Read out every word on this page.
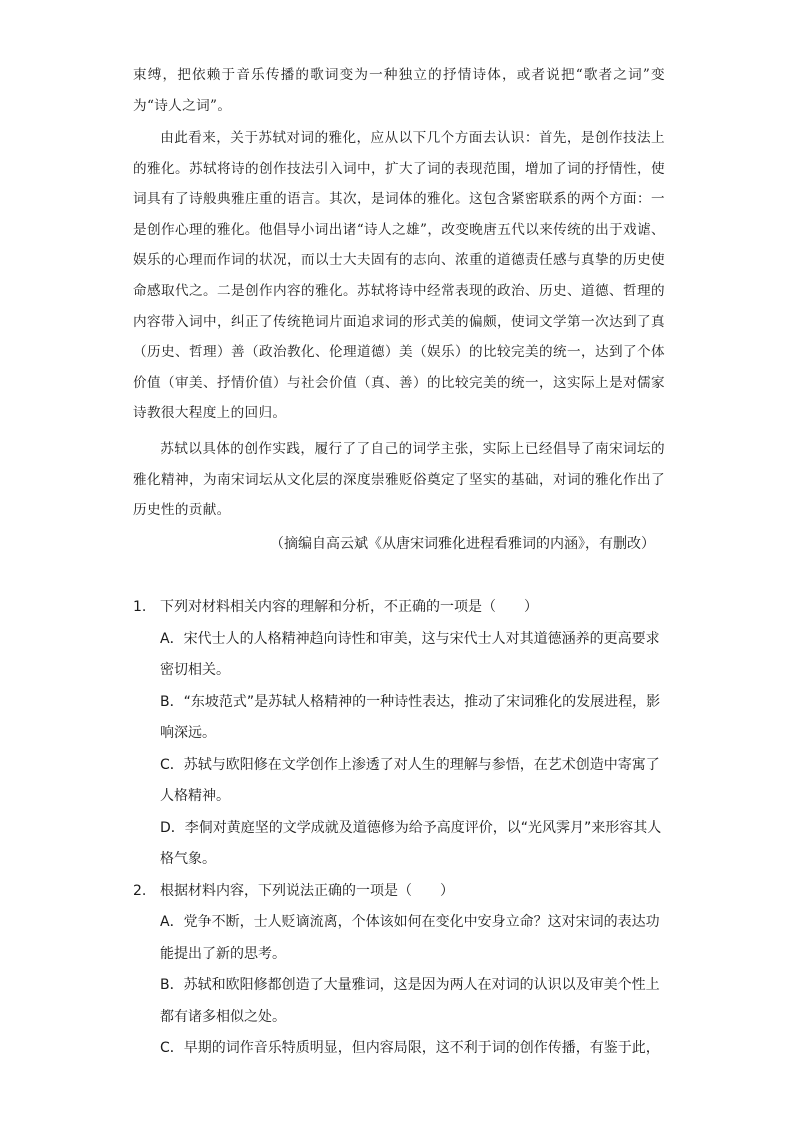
束缚，把依赖于音乐传播的歌词变为一种独立的抒情诗体，或者说把“歌者之词”变为“诗人之词”。

由此看来，关于苏轼对词的雅化，应从以下几个方面去认识：首先，是创作技法上的雅化。苏轼将诗的创作技法引入词中，扩大了词的表现范围，增加了词的抒情性，使词具有了诗般典雅庄重的语言。其次，是词体的雅化。这包含紧密联系的两个方面：一是创作心理的雅化。他倡导小词出诸“诗人之雄”，改变晚唐五代以来传统的出于戏谑、娱乐的心理而作词的状况，而以士大夫固有的志向、浓重的道德责任感与真挚的历史使命感取代之。二是创作内容的雅化。苏轼将诗中经常表现的政治、历史、道德、哲理的内容带入词中，纠正了传统艳词片面追求词的形式美的偏颇，使词文学第一次达到了真（历史、哲理）善（政治教化、伦理道德）美（娱乐）的比较完美的统一，达到了个体价值（审美、抒情价值）与社会价值（真、善）的比较完美的统一，这实际上是对儒家诗教很大程度上的回归。

苏轼以具体的创作实践，履行了了自己的词学主张，实际上已经倡导了南宋词坛的雅化精神，为南宋词坛从文化层的深度崇雅贬俗奠定了坚实的基础，对词的雅化作出了历史性的贡献。

（摘编自高云斌《从唐宋词雅化进程看雅词的内涵》，有删改）
1. 下列对材料相关内容的理解和分析，不正确的一项是（　　）
A．宋代士人的人格精神趋向诗性和审美，这与宋代士人对其道德涵养的更高要求密切相关。
B．“东坡范式”是苏轼人格精神的一种诗性表达，推动了宋词雅化的发展进程，影响深远。
C．苏轼与欧阳修在文学创作上渗透了对人生的理解与参悟，在艺术创造中寄寓了人格精神。
D．李侗对黄庭坚的文学成就及道德修为给予高度评价，以“光风霁月”来形容其人格气象。
2. 根据材料内容，下列说法正确的一项是（　　）
A．党争不断，士人贬谪流离，个体该如何在变化中安身立命？这对宋词的表达功能提出了新的思考。
B．苏轼和欧阳修都创造了大量雅词，这是因为两人在对词的认识以及审美个性上都有诸多相似之处。
C．早期的词作音乐特质明显，但内容局限，这不利于词的创作传播，有鉴于此，
